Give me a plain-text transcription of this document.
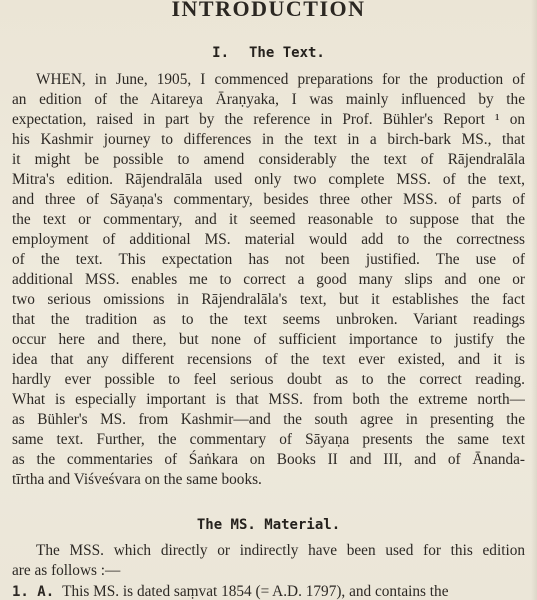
INTRODUCTION
I. The Text.
WHEN, in June, 1905, I commenced preparations for the production of
an edition of the Aitareya Āraṇyaka, I was mainly influenced by the
expectation, raised in part by the reference in Prof. Bühler's Report ¹ on
his Kashmir journey to differences in the text in a birch-bark MS., that
it might be possible to amend considerably the text of Rājendralāla
Mitra's edition. Rājendralāla used only two complete MSS. of the text,
and three of Sāyaṇa's commentary, besides three other MSS. of parts of
the text or commentary, and it seemed reasonable to suppose that the
employment of additional MS. material would add to the correctness
of the text. This expectation has not been justified. The use of
additional MSS. enables me to correct a good many slips and one or
two serious omissions in Rājendralāla's text, but it establishes the fact
that the tradition as to the text seems unbroken. Variant readings
occur here and there, but none of sufficient importance to justify the
idea that any different recensions of the text ever existed, and it is
hardly ever possible to feel serious doubt as to the correct reading.
What is especially important is that MSS. from both the extreme north—
as Bühler's MS. from Kashmir—and the south agree in presenting the
same text. Further, the commentary of Sāyaṇa presents the same text
as the commentaries of Śaṅkara on Books II and III, and of Ānanda-
tīrtha and Viśveśvara on the same books.
The MS. Material.
The MSS. which directly or indirectly have been used for this edition
are as follows :—
1. A. This MS. is dated saṃvat 1854 (= A.D. 1797), and contains the
